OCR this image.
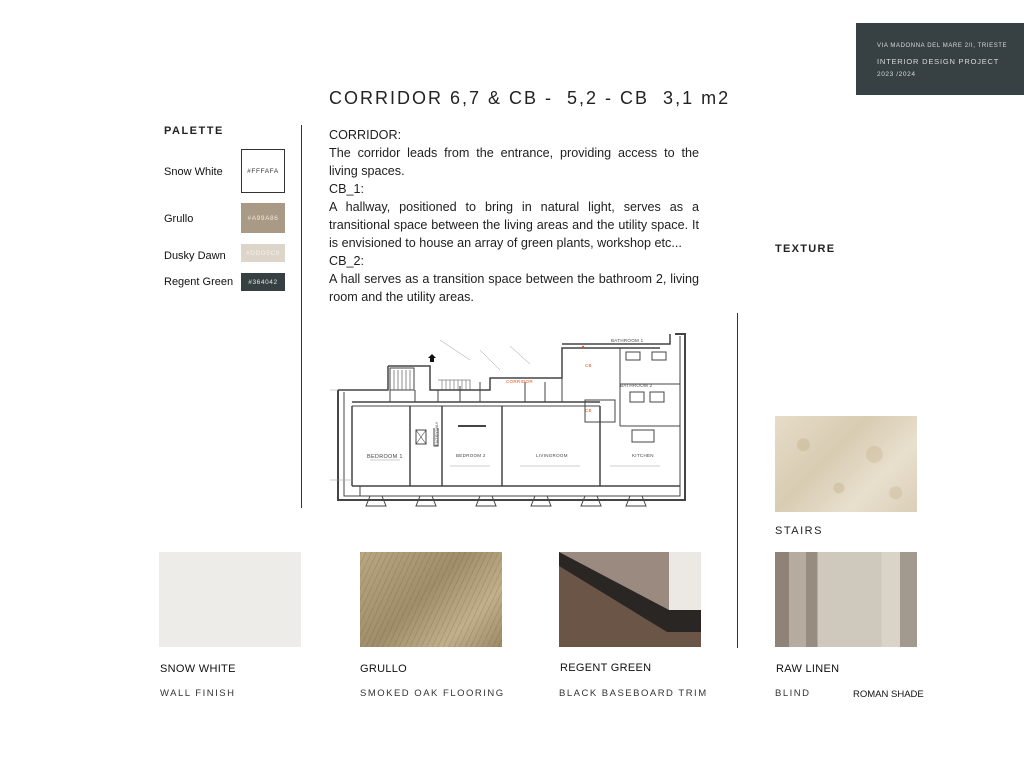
VIA MADONNA DEL MARE 2/I, TRIESTE
INTERIOR DESIGN PROJECT
2023 /2024
CORRIDOR 6,7 & CB -  5,2 - CB  3,1 m2
PALETTE
Snow White	#FFFAFA
Grullo	#A99A86
Dusky Dawn	#DDD5C9
Regent Green #364042

CORRIDOR:

The corridor leads from the entrance, providing access to the living spaces.

CB_1:

A hallway, positioned to bring in natural light, serves as a transitional space between the living areas and the utility space. It is envisioned to house an array of green plants, workshop etc...

CB_2:

A hall serves as a transition space between the bathroom 2, living room and the utility areas.

BATHROOM 1
BATHROOM 2
CORRIDOR
CB
CB
BEDROOM 1	BEDROOM 2	LIVINGROOM	KITCHEN
ENTRYWAY
TEXTURE
STAIRS
SNOW WHITE
WALL FINISH
GRULLO
SMOKED OAK FLOORING
REGENT GREEN
BLACK BASEBOARD TRIM
RAW LINEN
BLIND	ROMAN SHADE
